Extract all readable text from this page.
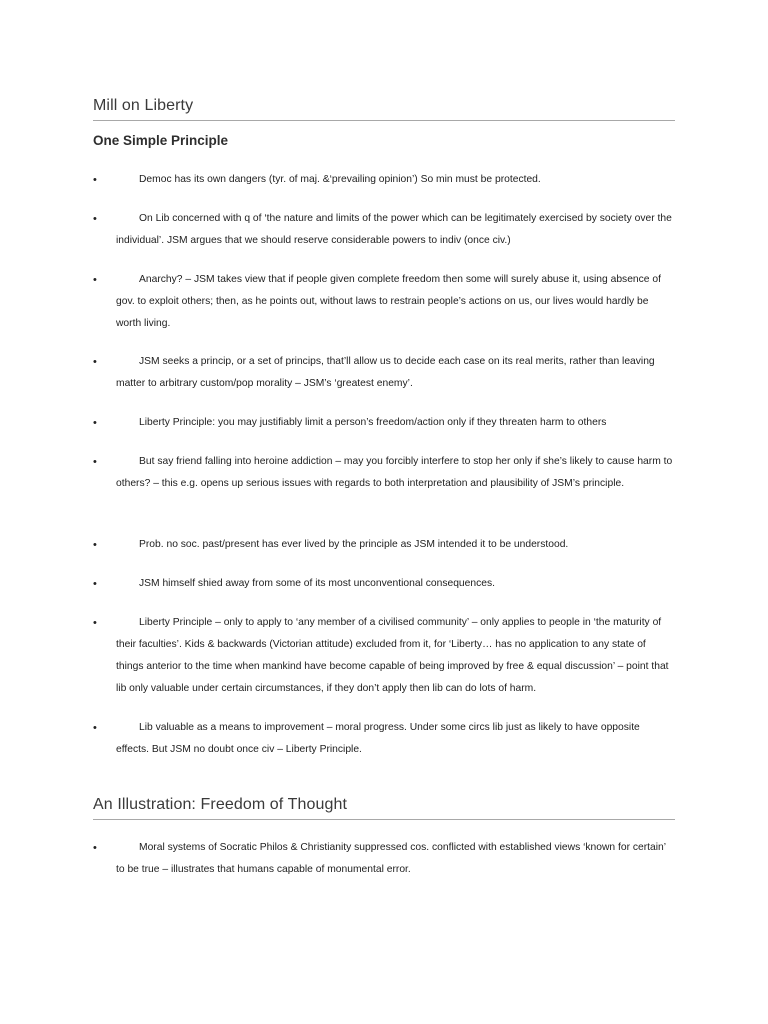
Mill on Liberty
One Simple Principle
•	Democ has its own dangers (tyr. of maj. &‘prevailing opinion’) So min must be protected.
•	On Lib concerned with q of ‘the nature and limits of the power which can be legitimately exercised by society over the individual’. JSM argues that we should reserve considerable powers to indiv (once civ.)
•	Anarchy? – JSM takes view that if people given complete freedom then some will surely abuse it, using absence of gov. to exploit others; then, as he points out, without laws to restrain people’s actions on us, our lives would hardly be worth living.
•	JSM seeks a princip, or a set of princips, that’ll allow us to decide each case on its real merits, rather than leaving matter to arbitrary custom/pop morality – JSM’s ‘greatest enemy’.
•	Liberty Principle: you may justifiably limit a person’s freedom/action only if they threaten harm to others
•	But say friend falling into heroine addiction – may you forcibly interfere to stop her only if she’s likely to cause harm to others? – this e.g. opens up serious issues with regards to both interpretation and plausibility of JSM’s principle.
•	Prob. no soc. past/present has ever lived by the principle as JSM intended it to be understood.
•	JSM himself shied away from some of its most unconventional consequences.
•	Liberty Principle – only to apply to ‘any member of a civilised community’ – only applies to people in ‘the maturity of their faculties’. Kids & backwards (Victorian attitude) excluded from it, for ‘Liberty… has no application to any state of things anterior to the time when mankind have become capable of being improved by free & equal discussion’ – point that lib only valuable under certain circumstances, if they don’t apply then lib can do lots of harm.
•	Lib valuable as a means to improvement – moral progress. Under some circs lib just as likely to have opposite effects. But JSM no doubt once civ – Liberty Principle.
An Illustration: Freedom of Thought
•	Moral systems of Socratic Philos & Christianity suppressed cos. conflicted with established views ‘known for certain’ to be true – illustrates that humans capable of monumental error.
